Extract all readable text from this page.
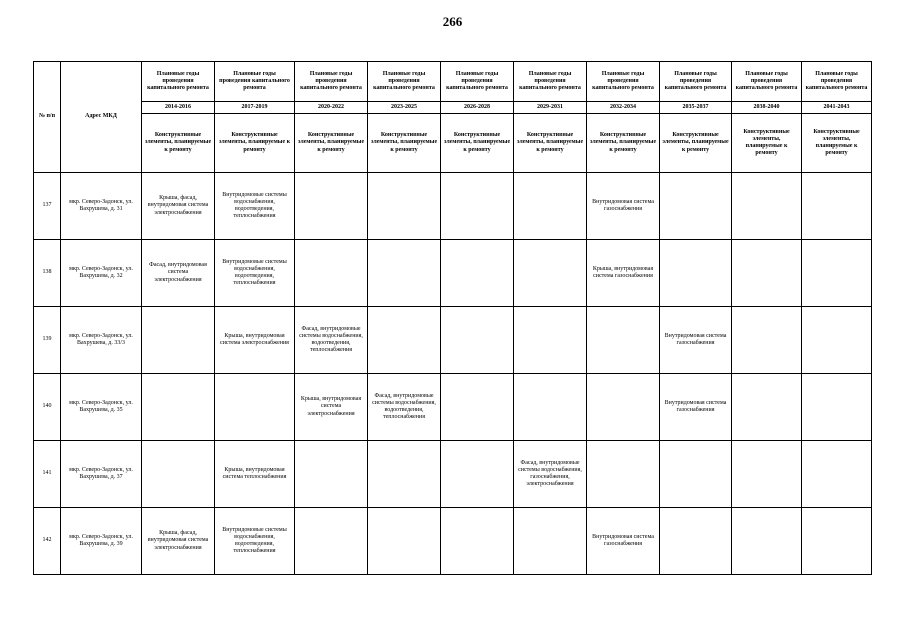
266
№ п/п	Адрес МКД	Плановые годы проведения капитального ремонта	Плановые годы проведения капитального ремонта	Плановые годы проведения капитального ремонта	Плановые годы проведения капитального ремонта	Плановые годы проведения капитального ремонта	Плановые годы проведения капитального ремонта	Плановые годы проведения капитального ремонта	Плановые годы проведения капитального ремонта	Плановые годы проведения капитального ремонта	Плановые годы проведения капитального ремонта
		2014-2016	2017-2019	2020-2022	2023-2025	2026-2028	2029-2031	2032-2034	2035-2037	2038-2040	2041-2043
		Конструктивные элементы, планируемые к ремонту	Конструктивные элементы, планируемые к ремонту	Конструктивные элементы, планируемые к ремонту	Конструктивные элементы, планируемые к ремонту	Конструктивные элементы, планируемые к ремонту	Конструктивные элементы, планируемые к ремонту	Конструктивные элементы, планируемые к ремонту	Конструктивные элементы, планируемые к ремонту	Конструктивные элементы, планируемые к ремонту	Конструктивные элементы, планируемые к ремонту
137	мкр. Северо-Задонск, ул. Вахрушева, д. 31	Крыша, фасад, внутридомовая система электроснабжения	Внутридомовые системы водоснабжения, водоотведения, теплоснабжения					Внутридомовая система газоснабжения			
138	мкр. Северо-Задонск, ул. Вахрушева, д. 32	Фасад, внутридомовая система электроснабжения	Внутридомовые системы водоснабжения, водоотведения, теплоснабжения					Крыша, внутридомовая система газоснабжения			
139	мкр. Северо-Задонск, ул. Вахрушева, д. 33/3		Крыша, внутридомовая система электроснабжения	Фасад, внутридомовые системы водоснабжения, водоотведения, теплоснабжения					Внутридомовая система газоснабжения		
140	мкр. Северо-Задонск, ул. Вахрушева, д. 35			Крыша, внутридомовая система электроснабжения	Фасад, внутридомовые системы водоснабжения, водоотведения, теплоснабжения				Внутридомовая система газоснабжения		
141	мкр. Северо-Задонск, ул. Вахрушева, д. 37		Крыша, внутридомовая система теплоснабжения				Фасад, внутридомовые системы водоснабжения, газоснабжения, электроснабжения				
142	мкр. Северо-Задонск, ул. Вахрушева, д. 39	Крыша, фасад, внутридомовая система электроснабжения	Внутридомовые системы водоснабжения, водоотведения, теплоснабжения					Внутридомовая система газоснабжения			
